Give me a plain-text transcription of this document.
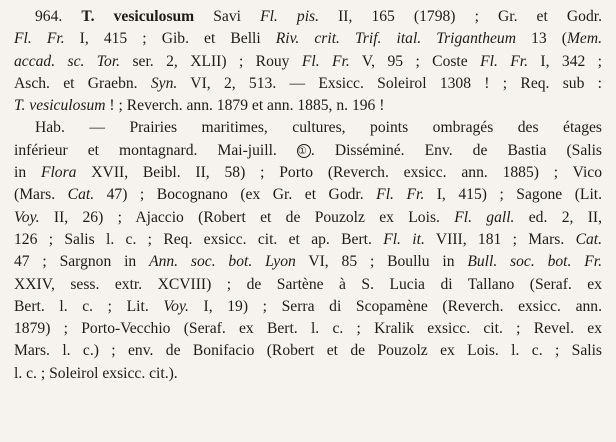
964. T. vesiculosum Savi Fl. pis. II, 165 (1798) ; Gr. et Godr.
Fl. Fr. I, 415 ; Gib. et Belli Riv. crit. Trif. ital. Trigantheum 13 (Mem.
accad. sc. Tor. ser. 2, XLII) ; Rouy Fl. Fr. V, 95 ; Coste Fl. Fr. I, 342 ;
Asch. et Graebn. Syn. VI, 2, 513. — Exsicc. Soleirol 1308 ! ; Req. sub :
T. vesiculosum ! ; Reverch. ann. 1879 et ann. 1885, n. 196 !
Hab. — Prairies maritimes, cultures, points ombragés des étages
inférieur et montagnard. Mai-juill. ① . Disséminé. Env. de Bastia (Salis
in Flora XVII, Beibl. II, 58) ; Porto (Reverch. exsicc. ann. 1885) ; Vico
(Mars. Cat. 47) ; Bocognano (ex Gr. et Godr. Fl. Fr. I, 415) ; Sagone (Lit.
Voy. II, 26) ; Ajaccio (Robert et de Pouzolz ex Lois. Fl. gall. ed. 2, II,
126 ; Salis l. c. ; Req. exsicc. cit. et ap. Bert. Fl. it. VIII, 181 ; Mars. Cat.
47 ; Sargnon in Ann. soc. bot. Lyon VI, 85 ; Boullu in Bull. soc. bot. Fr.
XXIV, sess. extr. XCVIII) ; de Sartène à S. Lucia di Tallano (Seraf. ex
Bert. l. c. ; Lit. Voy. I, 19) ; Serra di Scopamène (Reverch. exsicc. ann.
1879) ; Porto-Vecchio (Seraf. ex Bert. l. c. ; Kralik exsicc. cit. ; Revel. ex
Mars. l. c.) ; env. de Bonifacio (Robert et de Pouzolz ex Lois. l. c. ; Salis
l. c. ; Soleirol exsicc. cit.).
